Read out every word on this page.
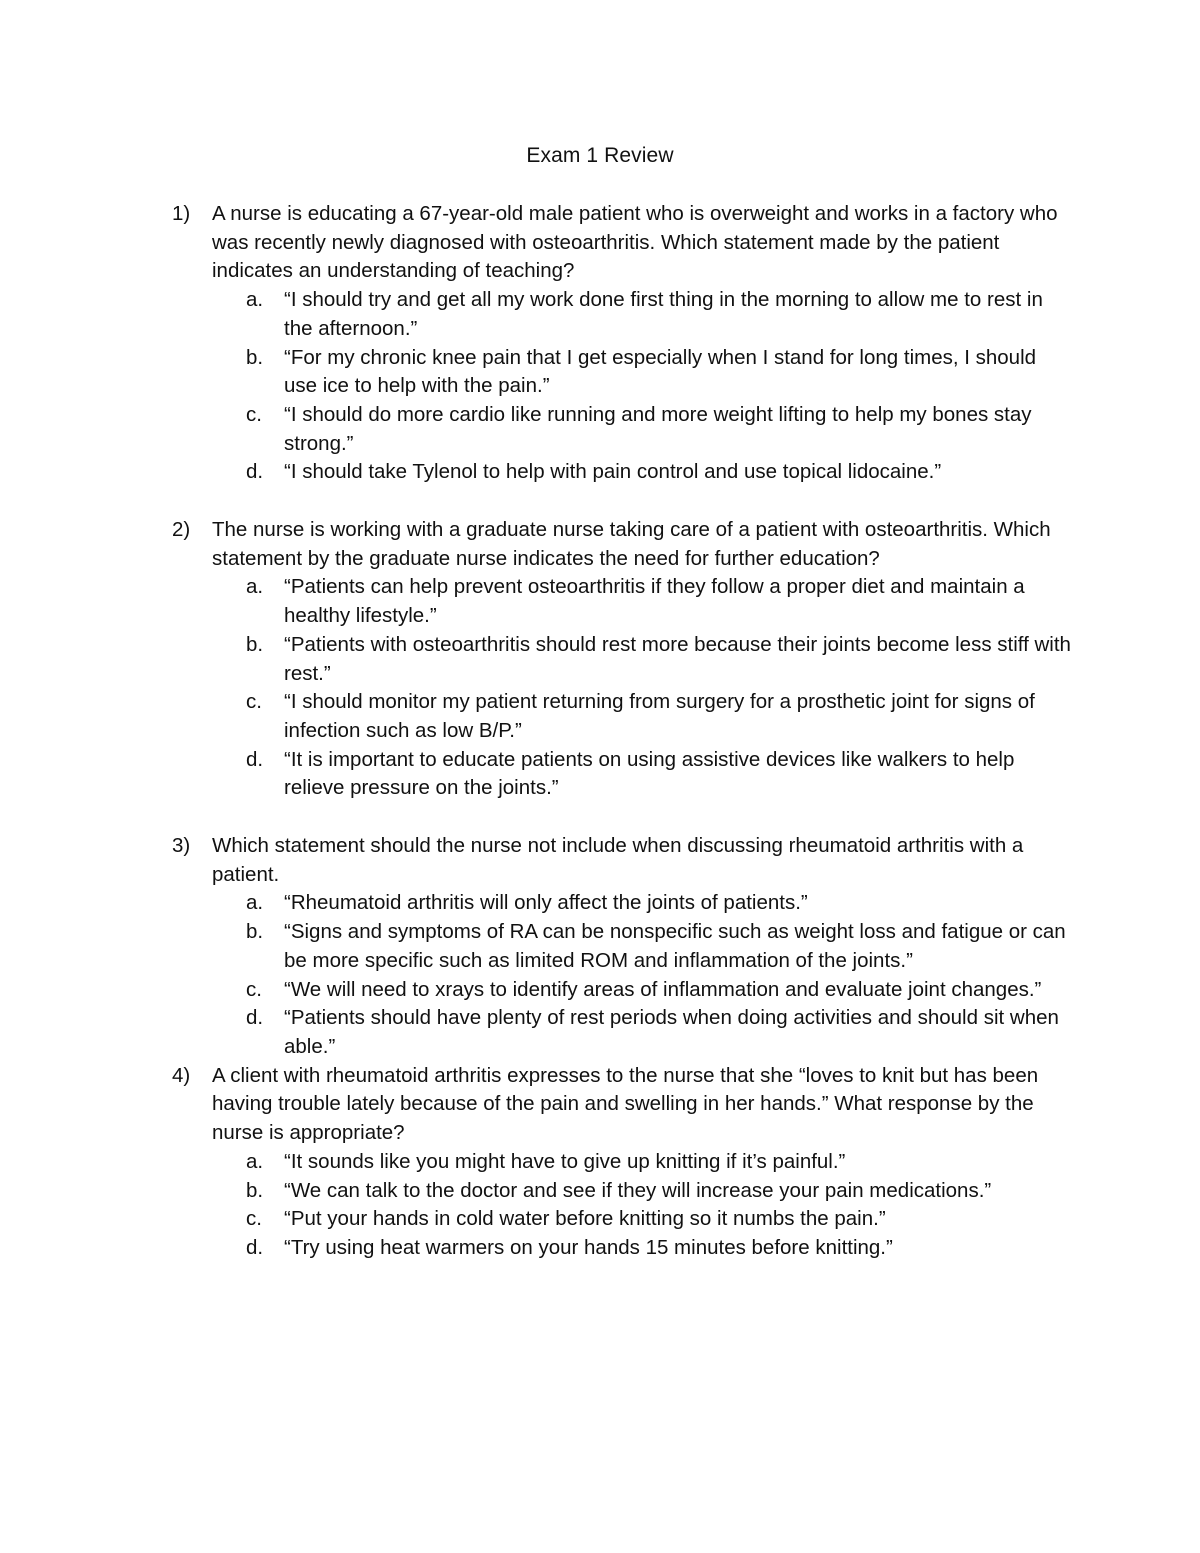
Exam 1 Review
1) A nurse is educating a 67-year-old male patient who is overweight and works in a factory who was recently newly diagnosed with osteoarthritis. Which statement made by the patient indicates an understanding of teaching?
a. “I should try and get all my work done first thing in the morning to allow me to rest in the afternoon.”
b. “For my chronic knee pain that I get especially when I stand for long times, I should use ice to help with the pain.”
c. “I should do more cardio like running and more weight lifting to help my bones stay strong.”
d. “I should take Tylenol to help with pain control and use topical lidocaine.”
2) The nurse is working with a graduate nurse taking care of a patient with osteoarthritis. Which statement by the graduate nurse indicates the need for further education?
a. “Patients can help prevent osteoarthritis if they follow a proper diet and maintain a healthy lifestyle.”
b. “Patients with osteoarthritis should rest more because their joints become less stiff with rest.”
c. “I should monitor my patient returning from surgery for a prosthetic joint for signs of infection such as low B/P.”
d. “It is important to educate patients on using assistive devices like walkers to help relieve pressure on the joints.”
3) Which statement should the nurse not include when discussing rheumatoid arthritis with a patient.
a. “Rheumatoid arthritis will only affect the joints of patients.”
b. “Signs and symptoms of RA can be nonspecific such as weight loss and fatigue or can be more specific such as limited ROM and inflammation of the joints.”
c. “We will need to xrays to identify areas of inflammation and evaluate joint changes.”
d. “Patients should have plenty of rest periods when doing activities and should sit when able.”
4) A client with rheumatoid arthritis expresses to the nurse that she “loves to knit but has been having trouble lately because of the pain and swelling in her hands.” What response by the nurse is appropriate?
a. “It sounds like you might have to give up knitting if it’s painful.”
b. “We can talk to the doctor and see if they will increase your pain medications.”
c. “Put your hands in cold water before knitting so it numbs the pain.”
d. “Try using heat warmers on your hands 15 minutes before knitting.”
